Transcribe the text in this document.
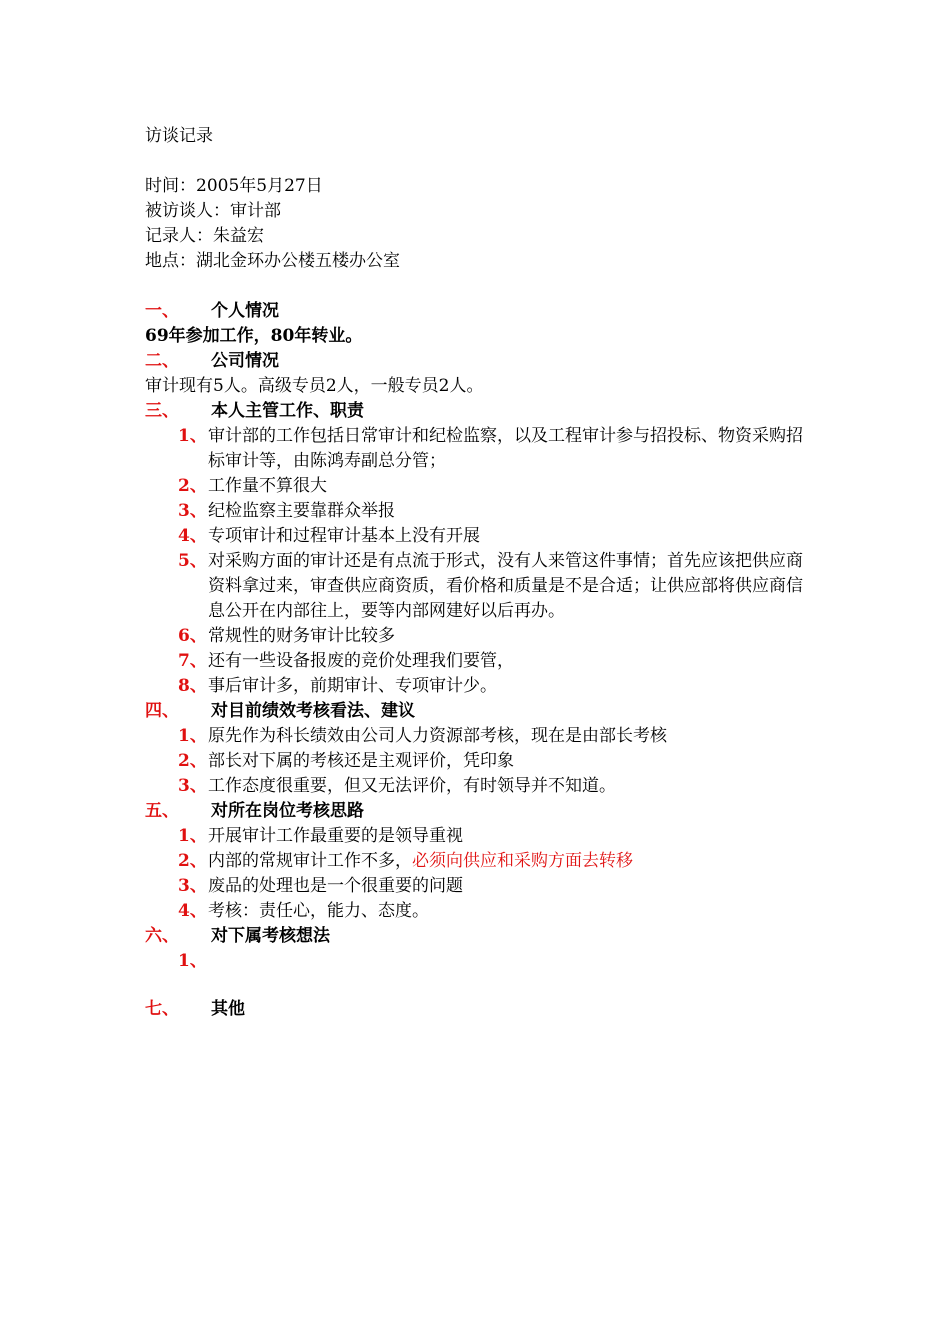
访谈记录
时间：2005年5月27日
被访谈人：审计部
记录人：朱益宏
地点：湖北金环办公楼五楼办公室
一、 个人情况
69年参加工作，80年转业。
二、 公司情况
审计现有5人。高级专员2人，一般专员2人。
三、 本人主管工作、职责
1、 审计部的工作包括日常审计和纪检监察，以及工程审计参与招投标、物资采购招标审计等，由陈鸿寿副总分管；
2、 工作量不算很大
3、 纪检监察主要靠群众举报
4、 专项审计和过程审计基本上没有开展
5、 对采购方面的审计还是有点流于形式，没有人来管这件事情；首先应该把供应商资料拿过来，审查供应商资质，看价格和质量是不是合适；让供应部将供应商信息公开在内部往上，要等内部网建好以后再办。
6、 常规性的财务审计比较多
7、 还有一些设备报废的竞价处理我们要管，
8、 事后审计多，前期审计、专项审计少。
四、 对目前绩效考核看法、建议
1、 原先作为科长绩效由公司人力资源部考核，现在是由部长考核
2、 部长对下属的考核还是主观评价，凭印象
3、 工作态度很重要，但又无法评价，有时领导并不知道。
五、 对所在岗位考核思路
1、 开展审计工作最重要的是领导重视
2、 内部的常规审计工作不多，必须向供应和采购方面去转移
3、 废品的处理也是一个很重要的问题
4、 考核：责任心，能力、态度。
六、 对下属考核想法
1、
七、 其他
